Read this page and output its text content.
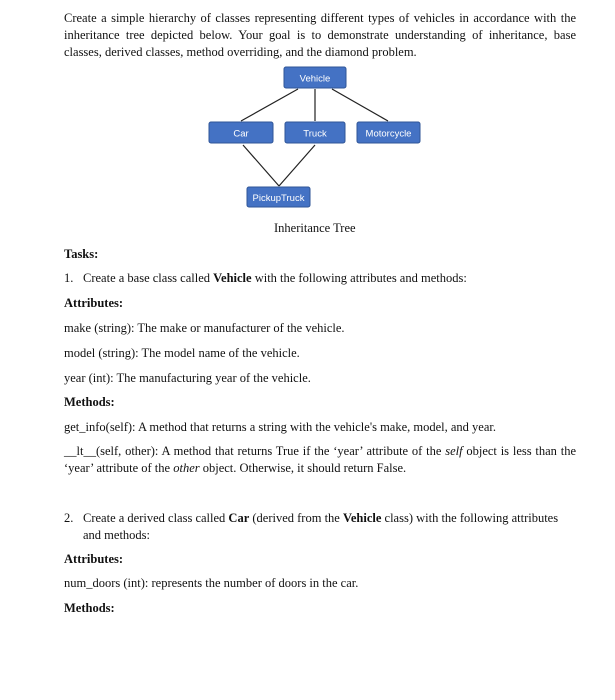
Create a simple hierarchy of classes representing different types of vehicles in accordance with the inheritance tree depicted below. Your goal is to demonstrate understanding of inheritance, base classes, derived classes, method overriding, and the diamond problem.

Vehicle
Car	Truck	Motorcycle
PickupTruck
Inheritance Tree

Tasks:

1. Create a base class called Vehicle with the following attributes and methods:

Attributes:

make (string): The make or manufacturer of the vehicle.

model (string): The model name of the vehicle.

year (int): The manufacturing year of the vehicle.

Methods:

get_info(self): A method that returns a string with the vehicle's make, model, and year.

__lt__(self, other): A method that returns True if the ‘year’ attribute of the self object is less than the ‘year’ attribute of the other object. Otherwise, it should return False.

2. Create a derived class called Car (derived from the Vehicle class) with the following attributes and methods:

Attributes:

num_doors (int): represents the number of doors in the car.

Methods:
